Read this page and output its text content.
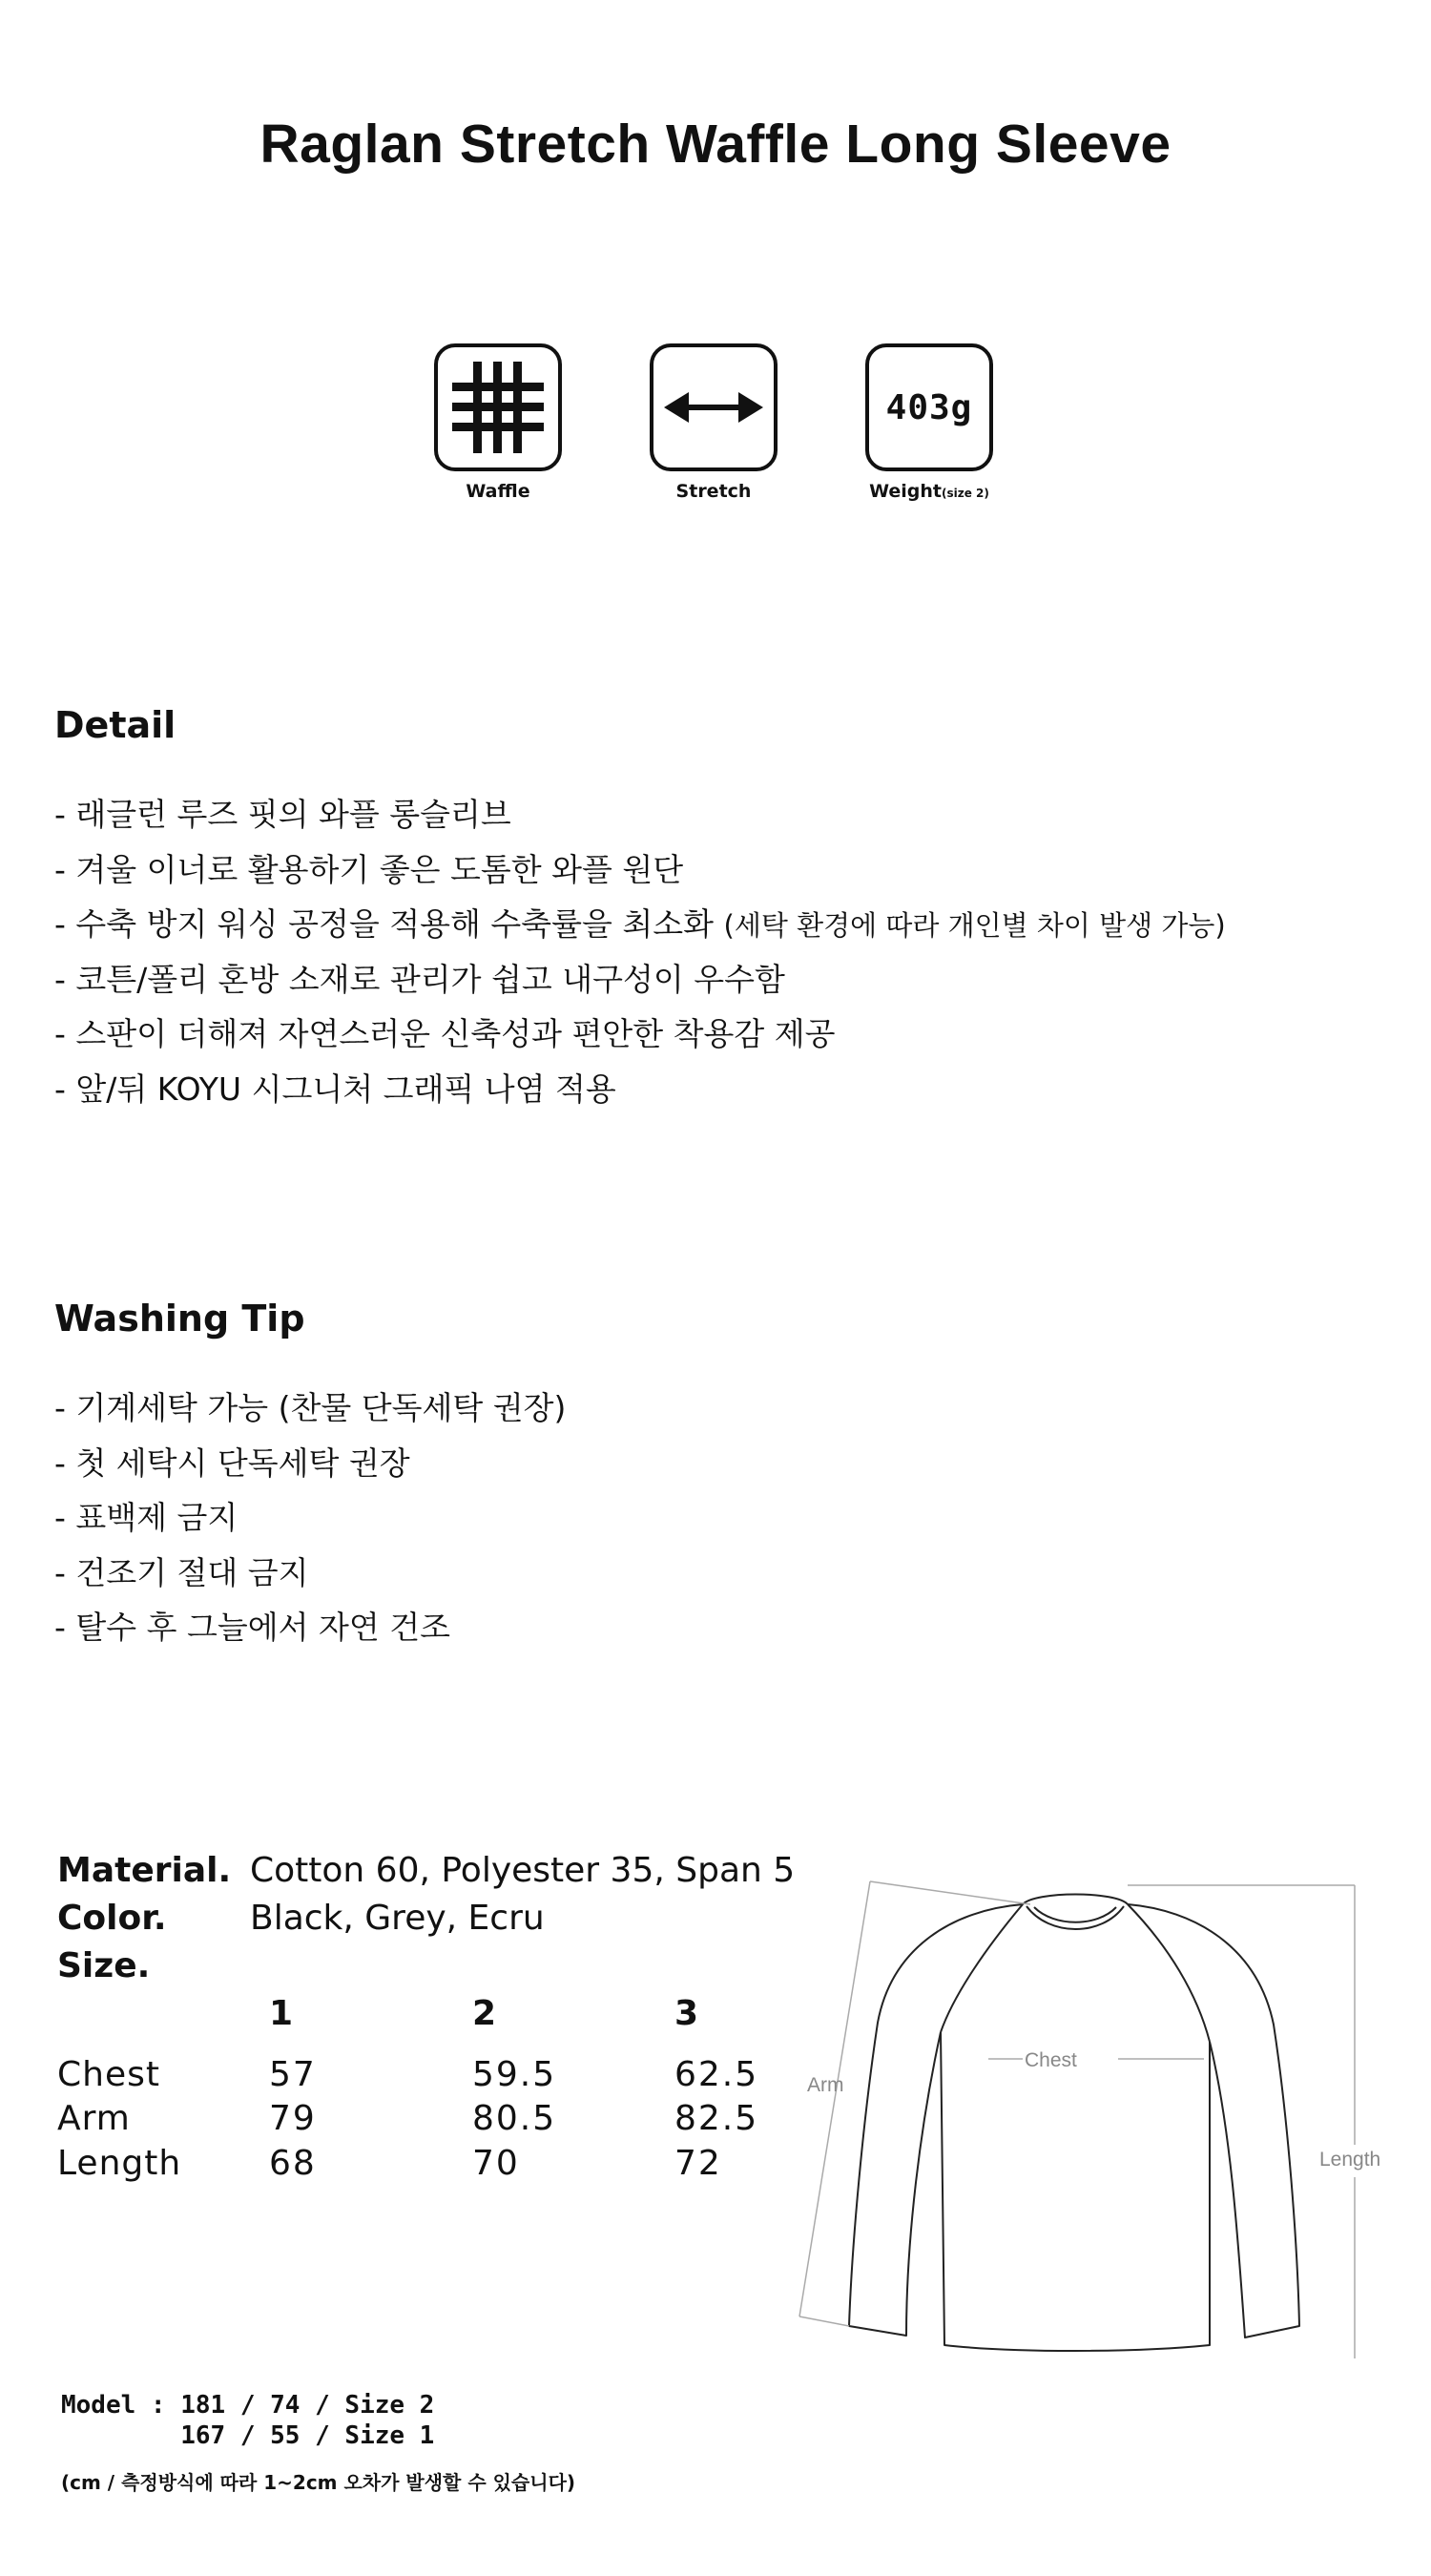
Raglan Stretch Waffle Long Sleeve
Waffle	Stretch
403g
Weight(size 2)
Detail
- 래글런 루즈 핏의 와플 롱슬리브
- 겨울 이너로 활용하기 좋은 도톰한 와플 원단
- 수축 방지 워싱 공정을 적용해 수축률을 최소화 (세탁 환경에 따라 개인별 차이 발생 가능)
- 코튼/폴리 혼방 소재로 관리가 쉽고 내구성이 우수함
- 스판이 더해져 자연스러운 신축성과 편안한 착용감 제공
- 앞/뒤 KOYU 시그니처 그래픽 나염 적용
Washing Tip
- 기계세탁 가능 (찬물 단독세탁 권장)
- 첫 세탁시 단독세탁 권장
- 표백제 금지
- 건조기 절대 금지
- 탈수 후 그늘에서 자연 건조
Material. Cotton 60, Polyester 35, Span 5
Color. Black, Grey, Ecru
Size.
1	2	3
Chest	57	59.5	62.5
Arm	79	80.5	82.5
Length	68	70	72
Arm
Chest
Length
Model : 181 / 74 / Size 2
167 / 55 / Size 1
(cm / 측정방식에 따라 1~2cm 오차가 발생할 수 있습니다)
